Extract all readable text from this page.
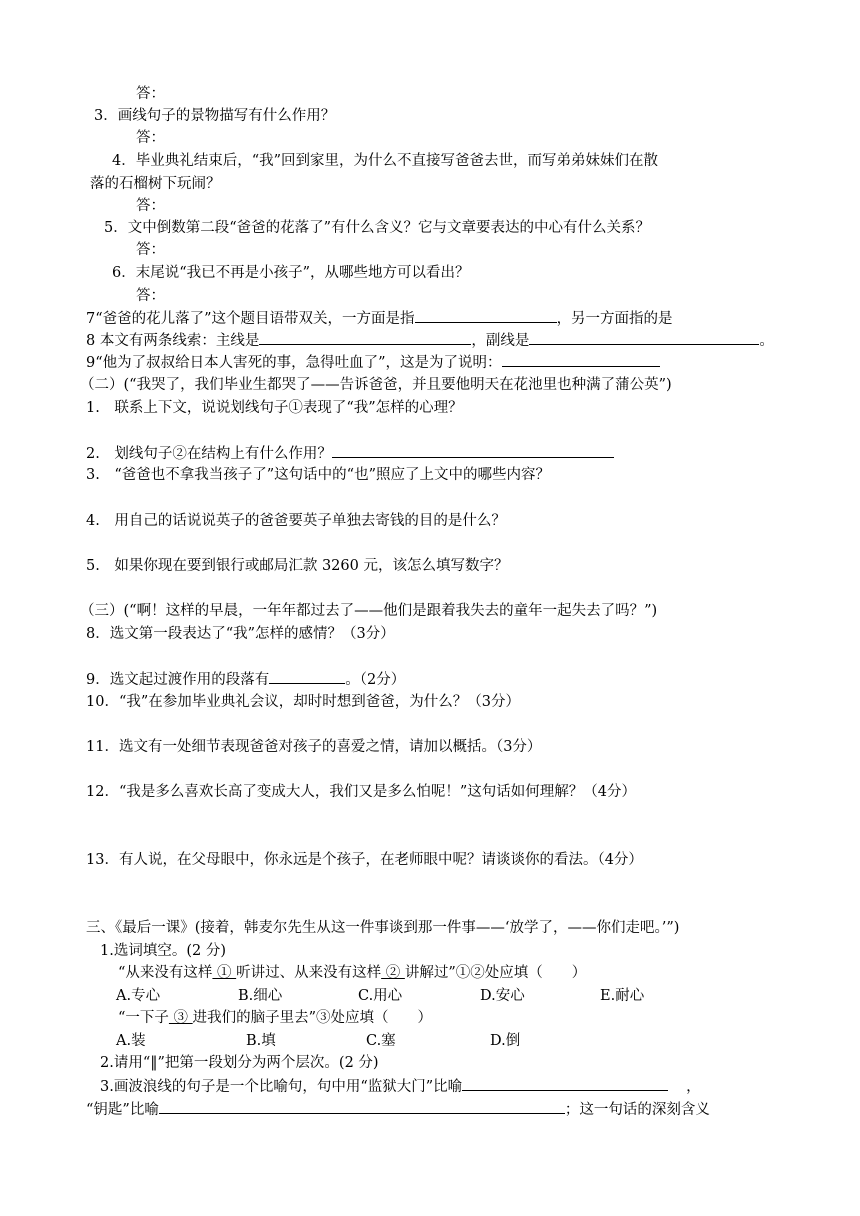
答：
3．画线句子的景物描写有什么作用？
答：
4．毕业典礼结束后，“我”回到家里，为什么不直接写爸爸去世，而写弟弟妹妹们在散
落的石榴树下玩闹？
答：
5．文中倒数第二段“爸爸的花落了”有什么含义？它与文章要表达的中心有什么关系？
答：
6．末尾说“我已不再是小孩子”，从哪些地方可以看出？
答：
7“爸爸的花儿落了”这个题目语带双关，一方面是指	，另一方面指的是
8 本文有两条线索：主线是	，副线是	。
9“他为了叔叔给日本人害死的事，急得吐血了”，这是为了说明：
（二）(“我哭了，我们毕业生都哭了——告诉爸爸，并且要他明天在花池里也种满了蒲公英”)
1.　联系上下文，说说划线句子①表现了“我”怎样的心理？
2.　划线句子②在结构上有什么作用？
3.　“爸爸也不拿我当孩子了”这句话中的“也”照应了上文中的哪些内容？
4.　用自己的话说说英子的爸爸要英子单独去寄钱的目的是什么？
5.　如果你现在要到银行或邮局汇款 3260 元，该怎么填写数字？
（三）(“啊！这样的早晨，一年年都过去了——他们是跟着我失去的童年一起失去了吗？”)
8．选文第一段表达了“我”怎样的感情？（3分）
9．选文起过渡作用的段落有	。（2分）
10．“我”在参加毕业典礼会议，却时时想到爸爸，为什么？（3分）
11．选文有一处细节表现爸爸对孩子的喜爱之情，请加以概括。（3分）
12．“我是多么喜欢长高了变成大人，我们又是多么怕呢！”这句话如何理解？（4分）
13．有人说，在父母眼中，你永远是个孩子，在老师眼中呢？请谈谈你的看法。（4分）
三、《最后一课》(接着，韩麦尔先生从这一件事谈到那一件事——‘放学了，——你们走吧。’”)
1.选词填空。(2 分)
“从来没有这样 ① 听讲过、从来没有这样 ② 讲解过”①②处应填（　　）
A.专心	B.细心	C.用心	D.安心	E.耐心
“一下子 ③ 进我们的脑子里去”③处应填（　　）
A.装	B.填	C.塞	D.倒
2.请用“‖”把第一段划分为两个层次。(2 分)
3.画波浪线的句子是一个比喻句，句中用“监狱大门”比喻	，
“钥匙”比喻	；这一句话的深刻含义
